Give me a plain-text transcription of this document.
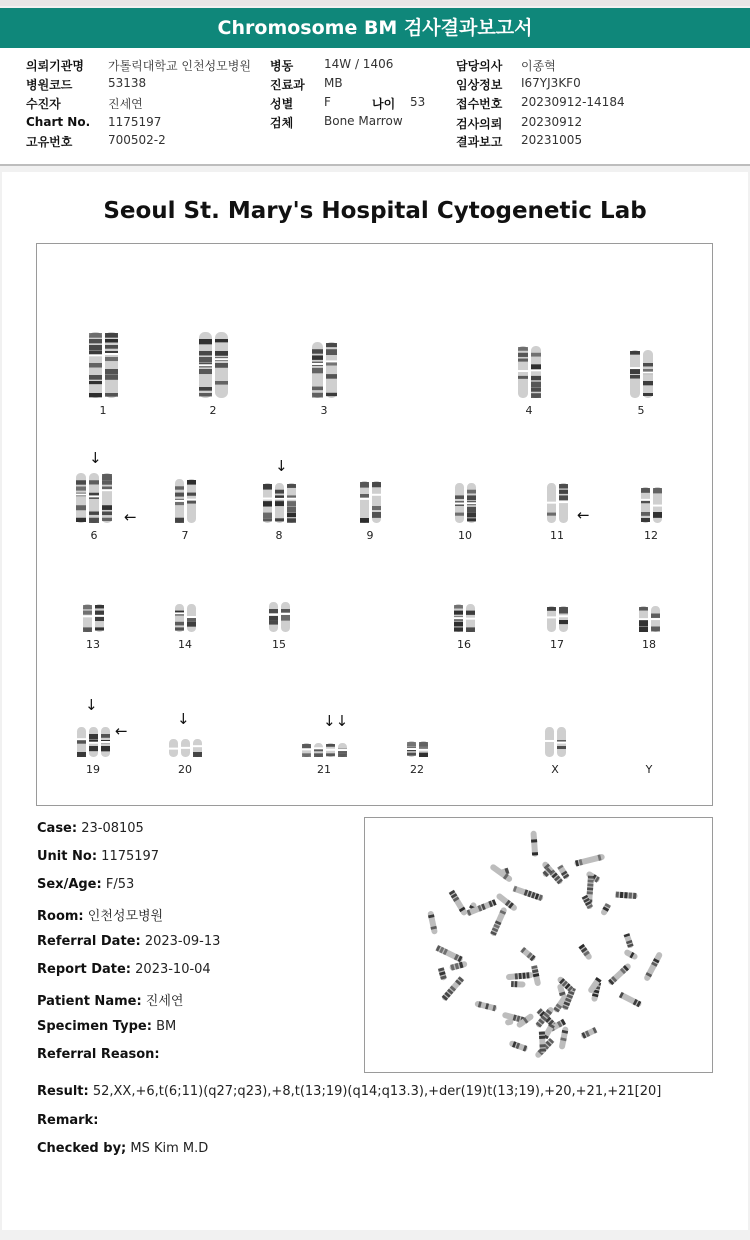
Chromosome BM 검사결과보고서
의뢰기관명 가톨릭대학교 인천성모병원
병원코드	53138
수진자	진세연
Chart No. 1175197
고유번호	700502-2
병동	14W / 1406
진료과 MB
성별	F
검체	Bone Marrow
나이 53
담당의사 이종혁
임상정보 I67YJ3KF0
접수번호 20230912-14184
검사의뢰 20230912
결과보고 20231005
Seoul St. Mary's Hospital Cytogenetic Lab
↓
←
↓
←
↓
←
↓	↓↓
1	2	3	4	5
6	7	8	9	10	11	12
13	14	15	16	17	18
19	20	21	22	X	Y
Case: 23-08105
Unit No: 1175197
Sex/Age: F/53
Room: 인천성모병원
Referral Date: 2023-09-13
Report Date: 2023-10-04
Patient Name: 진세연
Specimen Type: BM
Referral Reason:
Result: 52,XX,+6,t(6;11)(q27;q23),+8,t(13;19)(q14;q13.3),+der(19)t(13;19),+20,+21,+21[20]
Remark:
Checked by; MS Kim M.D
